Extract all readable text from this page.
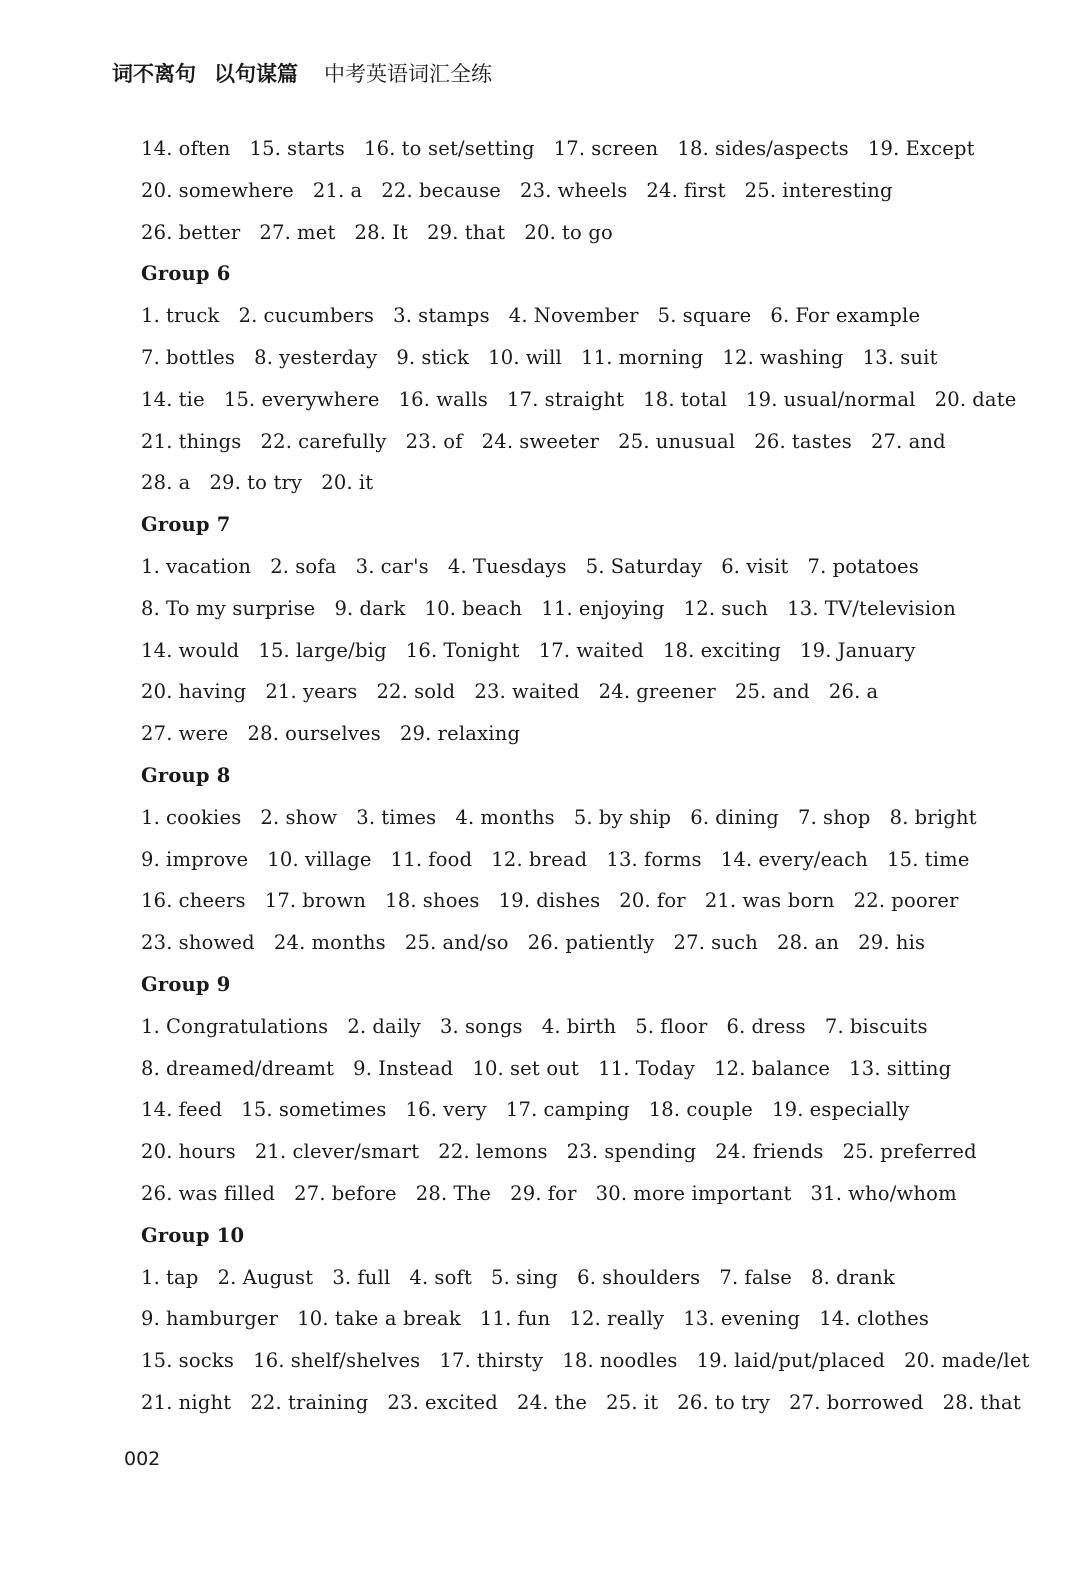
词不离句 以句谋篇 中考英语词汇全练
14. often 15. starts 16. to set/setting 17. screen 18. sides/aspects 19. Except
20. somewhere 21. a 22. because 23. wheels 24. first 25. interesting
26. better 27. met 28. It 29. that 20. to go
Group 6
1. truck 2. cucumbers 3. stamps 4. November 5. square 6. For example
7. bottles 8. yesterday 9. stick 10. will 11. morning 12. washing 13. suit
14. tie 15. everywhere 16. walls 17. straight 18. total 19. usual/normal 20. date
21. things 22. carefully 23. of 24. sweeter 25. unusual 26. tastes 27. and
28. a 29. to try 20. it
Group 7
1. vacation 2. sofa 3. car's 4. Tuesdays 5. Saturday 6. visit 7. potatoes
8. To my surprise 9. dark 10. beach 11. enjoying 12. such 13. TV/television
14. would 15. large/big 16. Tonight 17. waited 18. exciting 19. January
20. having 21. years 22. sold 23. waited 24. greener 25. and 26. a
27. were 28. ourselves 29. relaxing
Group 8
1. cookies 2. show 3. times 4. months 5. by ship 6. dining 7. shop 8. bright
9. improve 10. village 11. food 12. bread 13. forms 14. every/each 15. time
16. cheers 17. brown 18. shoes 19. dishes 20. for 21. was born 22. poorer
23. showed 24. months 25. and/so 26. patiently 27. such 28. an 29. his
Group 9
1. Congratulations 2. daily 3. songs 4. birth 5. floor 6. dress 7. biscuits
8. dreamed/dreamt 9. Instead 10. set out 11. Today 12. balance 13. sitting
14. feed 15. sometimes 16. very 17. camping 18. couple 19. especially
20. hours 21. clever/smart 22. lemons 23. spending 24. friends 25. preferred
26. was filled 27. before 28. The 29. for 30. more important 31. who/whom
Group 10
1. tap 2. August 3. full 4. soft 5. sing 6. shoulders 7. false 8. drank
9. hamburger 10. take a break 11. fun 12. really 13. evening 14. clothes
15. socks 16. shelf/shelves 17. thirsty 18. noodles 19. laid/put/placed 20. made/let
21. night 22. training 23. excited 24. the 25. it 26. to try 27. borrowed 28. that
002
